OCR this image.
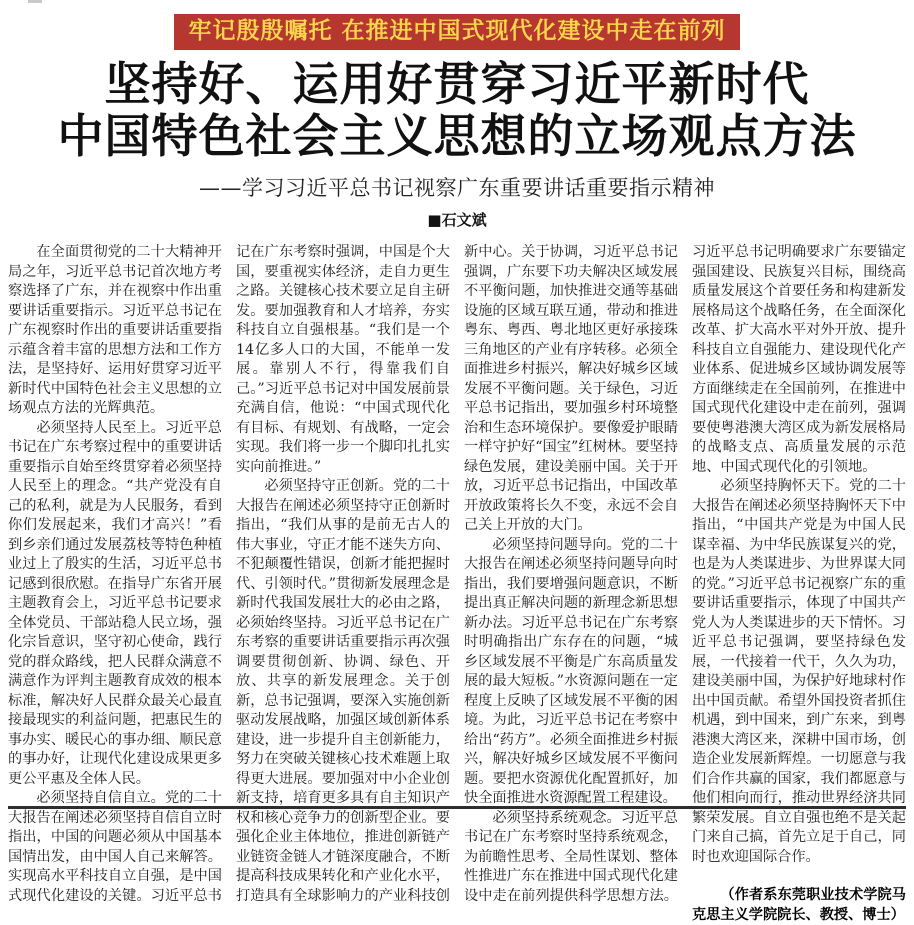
牢记殷殷嘱托 在推进中国式现代化建设中走在前列
坚持好、运用好贯穿习近平新时代
中国特色社会主义思想的立场观点方法
——学习习近平总书记视察广东重要讲话重要指示精神
■石文斌

在全面贯彻党的二十大精神开局之年，习近平总书记首次地方考察选择了广东，并在视察中作出重要讲话重要指示。习近平总书记在广东视察时作出的重要讲话重要指示蕴含着丰富的思想方法和工作方法，是坚持好、运用好贯穿习近平新时代中国特色社会主义思想的立场观点方法的光辉典范。

必须坚持人民至上。习近平总书记在广东考察过程中的重要讲话重要指示自始至终贯穿着必须坚持人民至上的理念。“共产党没有自己的私利，就是为人民服务，看到你们发展起来，我们才高兴！”看到乡亲们通过发展荔枝等特色种植业过上了殷实的生活，习近平总书记感到很欣慰。在指导广东省开展主题教育会上，习近平总书记要求全体党员、干部站稳人民立场，强化宗旨意识，坚守初心使命，践行党的群众路线，把人民群众满意不满意作为评判主题教育成效的根本标准，解决好人民群众最关心最直接最现实的利益问题，把惠民生的事办实、暖民心的事办细、顺民意的事办好，让现代化建设成果更多更公平惠及全体人民。

必须坚持自信自立。党的二十大报告在阐述必须坚持自信自立时指出，中国的问题必须从中国基本国情出发，由中国人自己来解答。实现高水平科技自立自强，是中国式现代化建设的关键。习近平总书记在广东考察时强调，中国是个大国，要重视实体经济，走自力更生之路。关键核心技术要立足自主研发。要加强教育和人才培养，夯实科技自立自强根基。“我们是一个14亿多人口的大国，不能单一发展。靠别人不行，得靠我们自己。”习近平总书记对中国发展前景充满自信，他说：“中国式现代化有目标、有规划、有战略，一定会实现。我们将一步一个脚印扎扎实实向前推进。”

必须坚持守正创新。党的二十大报告在阐述必须坚持守正创新时指出，“我们从事的是前无古人的伟大事业，守正才能不迷失方向、不犯颠覆性错误，创新才能把握时代、引领时代。”贯彻新发展理念是新时代我国发展壮大的必由之路，必须始终坚持。习近平总书记在广东考察的重要讲话重要指示再次强调要贯彻创新、协调、绿色、开放、共享的新发展理念。关于创新，总书记强调，要深入实施创新驱动发展战略，加强区域创新体系建设，进一步提升自主创新能力，努力在突破关键核心技术难题上取得更大进展。要加强对中小企业创新支持，培育更多具有自主知识产权和核心竞争力的创新型企业。要强化企业主体地位，推进创新链产业链资金链人才链深度融合，不断提高科技成果转化和产业化水平，打造具有全球影响力的产业科技创新中心。关于协调，习近平总书记强调，广东要下功夫解决区域发展不平衡问题，加快推进交通等基础设施的区域互联互通，带动和推进粤东、粤西、粤北地区更好承接珠三角地区的产业有序转移。必须全面推进乡村振兴，解决好城乡区域发展不平衡问题。关于绿色，习近平总书记指出，要加强乡村环境整治和生态环境保护。要像爱护眼睛一样守护好“国宝”红树林。要坚持绿色发展，建设美丽中国。关于开放，习近平总书记指出，中国改革开放政策将长久不变，永远不会自己关上开放的大门。

必须坚持问题导向。党的二十大报告在阐述必须坚持问题导向时指出，我们要增强问题意识，不断提出真正解决问题的新理念新思想新办法。习近平总书记在广东考察时明确指出广东存在的问题，“城乡区域发展不平衡是广东高质量发展的最大短板。”水资源问题在一定程度上反映了区域发展不平衡的困境。为此，习近平总书记在考察中给出“药方”。必须全面推进乡村振兴，解决好城乡区域发展不平衡问题。要把水资源优化配置抓好，加快全面推进水资源配置工程建设。

必须坚持系统观念。习近平总书记在广东考察时坚持系统观念，为前瞻性思考、全局性谋划、整体性推进广东在推进中国式现代化建设中走在前列提供科学思想方法。习近平总书记明确要求广东要锚定强国建设、民族复兴目标，围绕高质量发展这个首要任务和构建新发展格局这个战略任务，在全面深化改革、扩大高水平对外开放、提升科技自立自强能力、建设现代化产业体系、促进城乡区域协调发展等方面继续走在全国前列，在推进中国式现代化建设中走在前列，强调要使粤港澳大湾区成为新发展格局的战略支点、高质量发展的示范地、中国式现代化的引领地。

必须坚持胸怀天下。党的二十大报告在阐述必须坚持胸怀天下中指出，“中国共产党是为中国人民谋幸福、为中华民族谋复兴的党，也是为人类谋进步、为世界谋大同的党。”习近平总书记视察广东的重要讲话重要指示，体现了中国共产党人为人类谋进步的天下情怀。习近平总书记强调，要坚持绿色发展，一代接着一代干，久久为功，建设美丽中国，为保护好地球村作出中国贡献。希望外国投资者抓住机遇，到中国来，到广东来，到粤港澳大湾区来，深耕中国市场，创造企业发展新辉煌。一切愿意与我们合作共赢的国家，我们都愿意与他们相向而行，推动世界经济共同繁荣发展。自立自强也绝不是关起门来自己搞，首先立足于自己，同时也欢迎国际合作。

（作者系东莞职业技术学院马克思主义学院院长、教授、博士）
